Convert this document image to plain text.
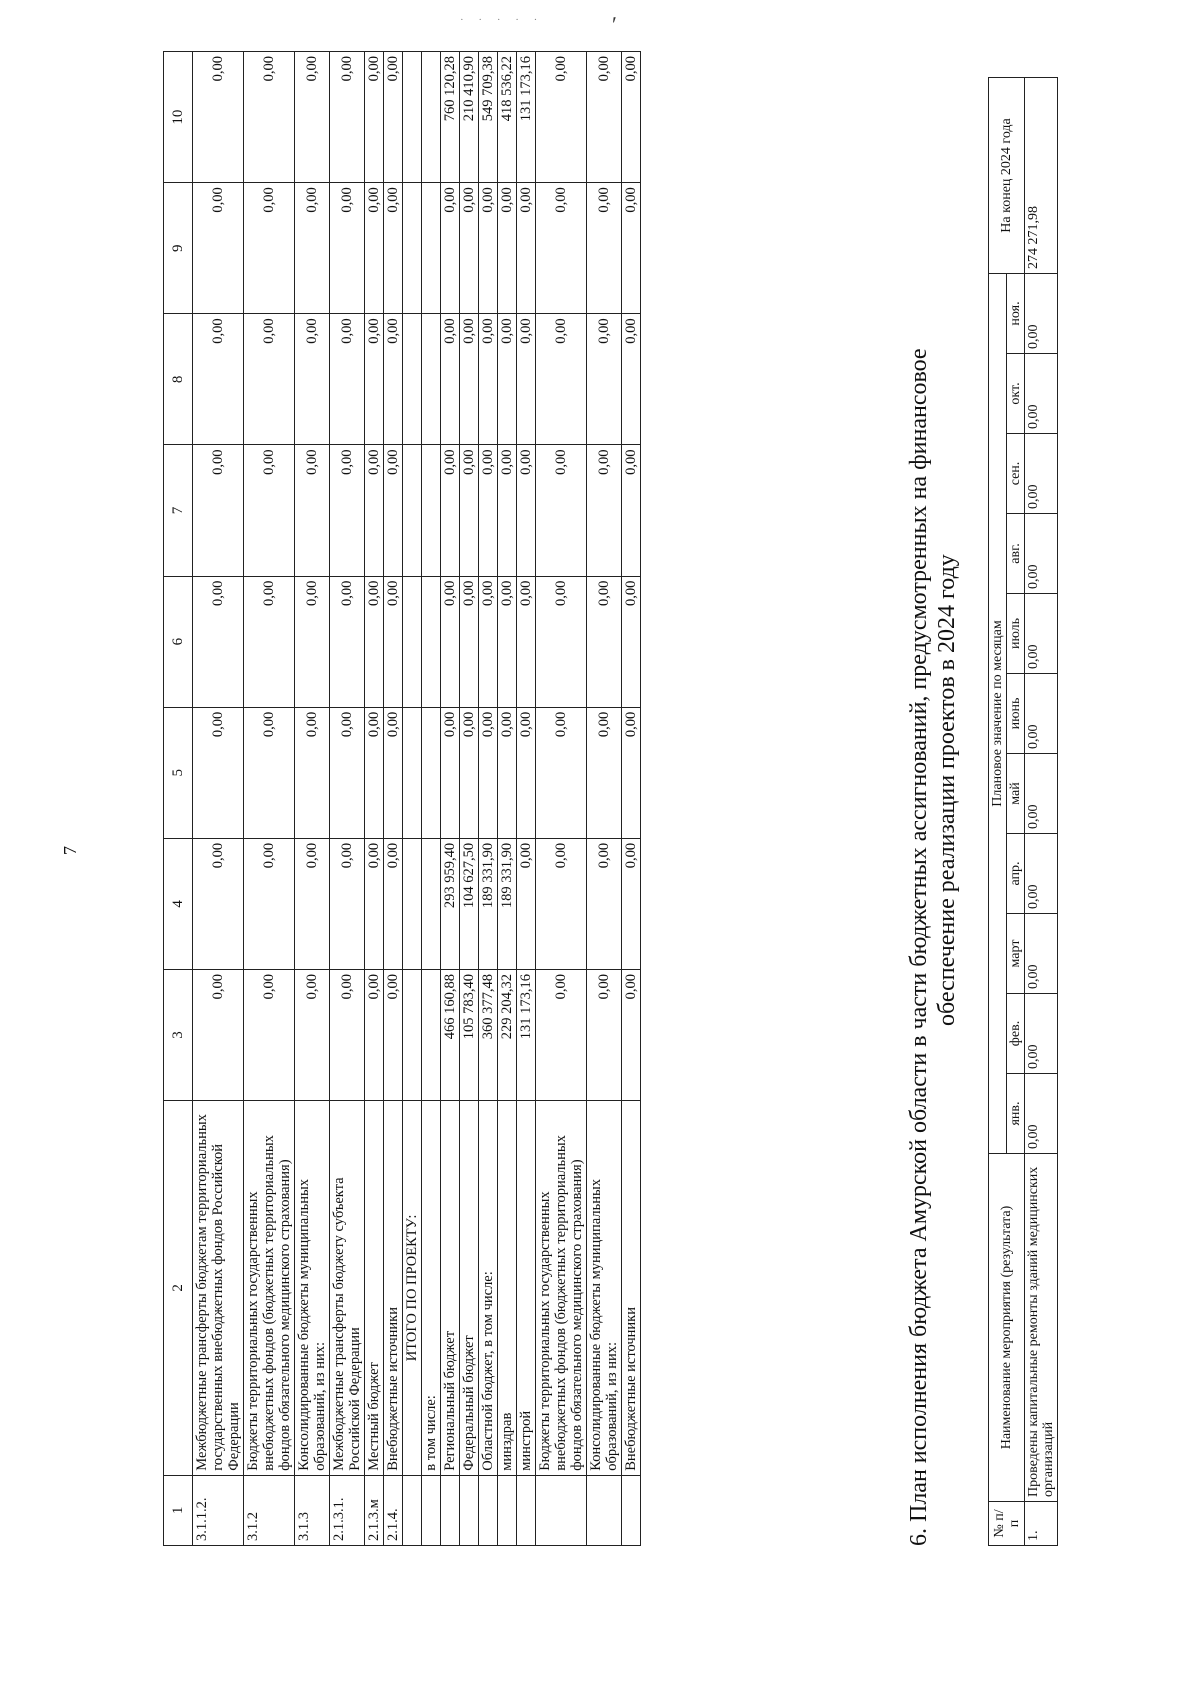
· · · · ·	ʹ
7
1	2	3	4	5	6	7	8	9	10
3.1.1.2.	Межбюджетные трансферты бюджетам территориальных государственных внебюджетных фондов Российской Федерации	0,00	0,00	0,00	0,00	0,00	0,00	0,00	0,00
3.1.2	Бюджеты территориальных государственных внебюджетных фондов (бюджетных территориальных фондов обязательного медицинского страхования)	0,00	0,00	0,00	0,00	0,00	0,00	0,00	0,00
3.1.3	Консолидированные бюджеты муниципальных образований, из них:	0,00	0,00	0,00	0,00	0,00	0,00	0,00	0,00
2.1.3.1.	Межбюджетные трансферты бюджету субъекта Российской Федерации	0,00	0,00	0,00	0,00	0,00	0,00	0,00	0,00
2.1.3.м	Местный бюджет	0,00	0,00	0,00	0,00	0,00	0,00	0,00	0,00
2.1.4.	Внебюджетные источники	0,00	0,00	0,00	0,00	0,00	0,00	0,00	0,00
	ИТОГО ПО ПРОЕКТУ:								
	в том числе:								
	Региональный бюджет	466 160,88	293 959,40	0,00	0,00	0,00	0,00	0,00	760 120,28
	Федеральный бюджет	105 783,40	104 627,50	0,00	0,00	0,00	0,00	0,00	210 410,90
	Областной бюджет, в том числе:	360 377,48	189 331,90	0,00	0,00	0,00	0,00	0,00	549 709,38
	минздрав	229 204,32	189 331,90	0,00	0,00	0,00	0,00	0,00	418 536,22
	минстрой	131 173,16	0,00	0,00	0,00	0,00	0,00	0,00	131 173,16
	Бюджеты территориальных государственных внебюджетных фондов (бюджетных территориальных фондов обязательного медицинского страхования)	0,00	0,00	0,00	0,00	0,00	0,00	0,00	0,00
	Консолидированные бюджеты муниципальных образований, из них:	0,00	0,00	0,00	0,00	0,00	0,00	0,00	0,00
	Внебюджетные источники	0,00	0,00	0,00	0,00	0,00	0,00	0,00	0,00
6. План исполнения бюджета Амурской области в части бюджетных ассигнований, предусмотренных на финансовое обеспечение реализации проектов в 2024 году
№ п/п	Наименование мероприятия (результата)	Плановое значение по месяцам											На конец 2024 года
		янв.	фев.	март	апр.	май	июнь	июль	авг.	сен.	окт.	ноя.	
1.	Проведены капитальные ремонты зданий медицинских организаций	0,00	0,00	0,00	0,00	0,00	0,00	0,00	0,00	0,00	0,00	0,00	274 271,98
